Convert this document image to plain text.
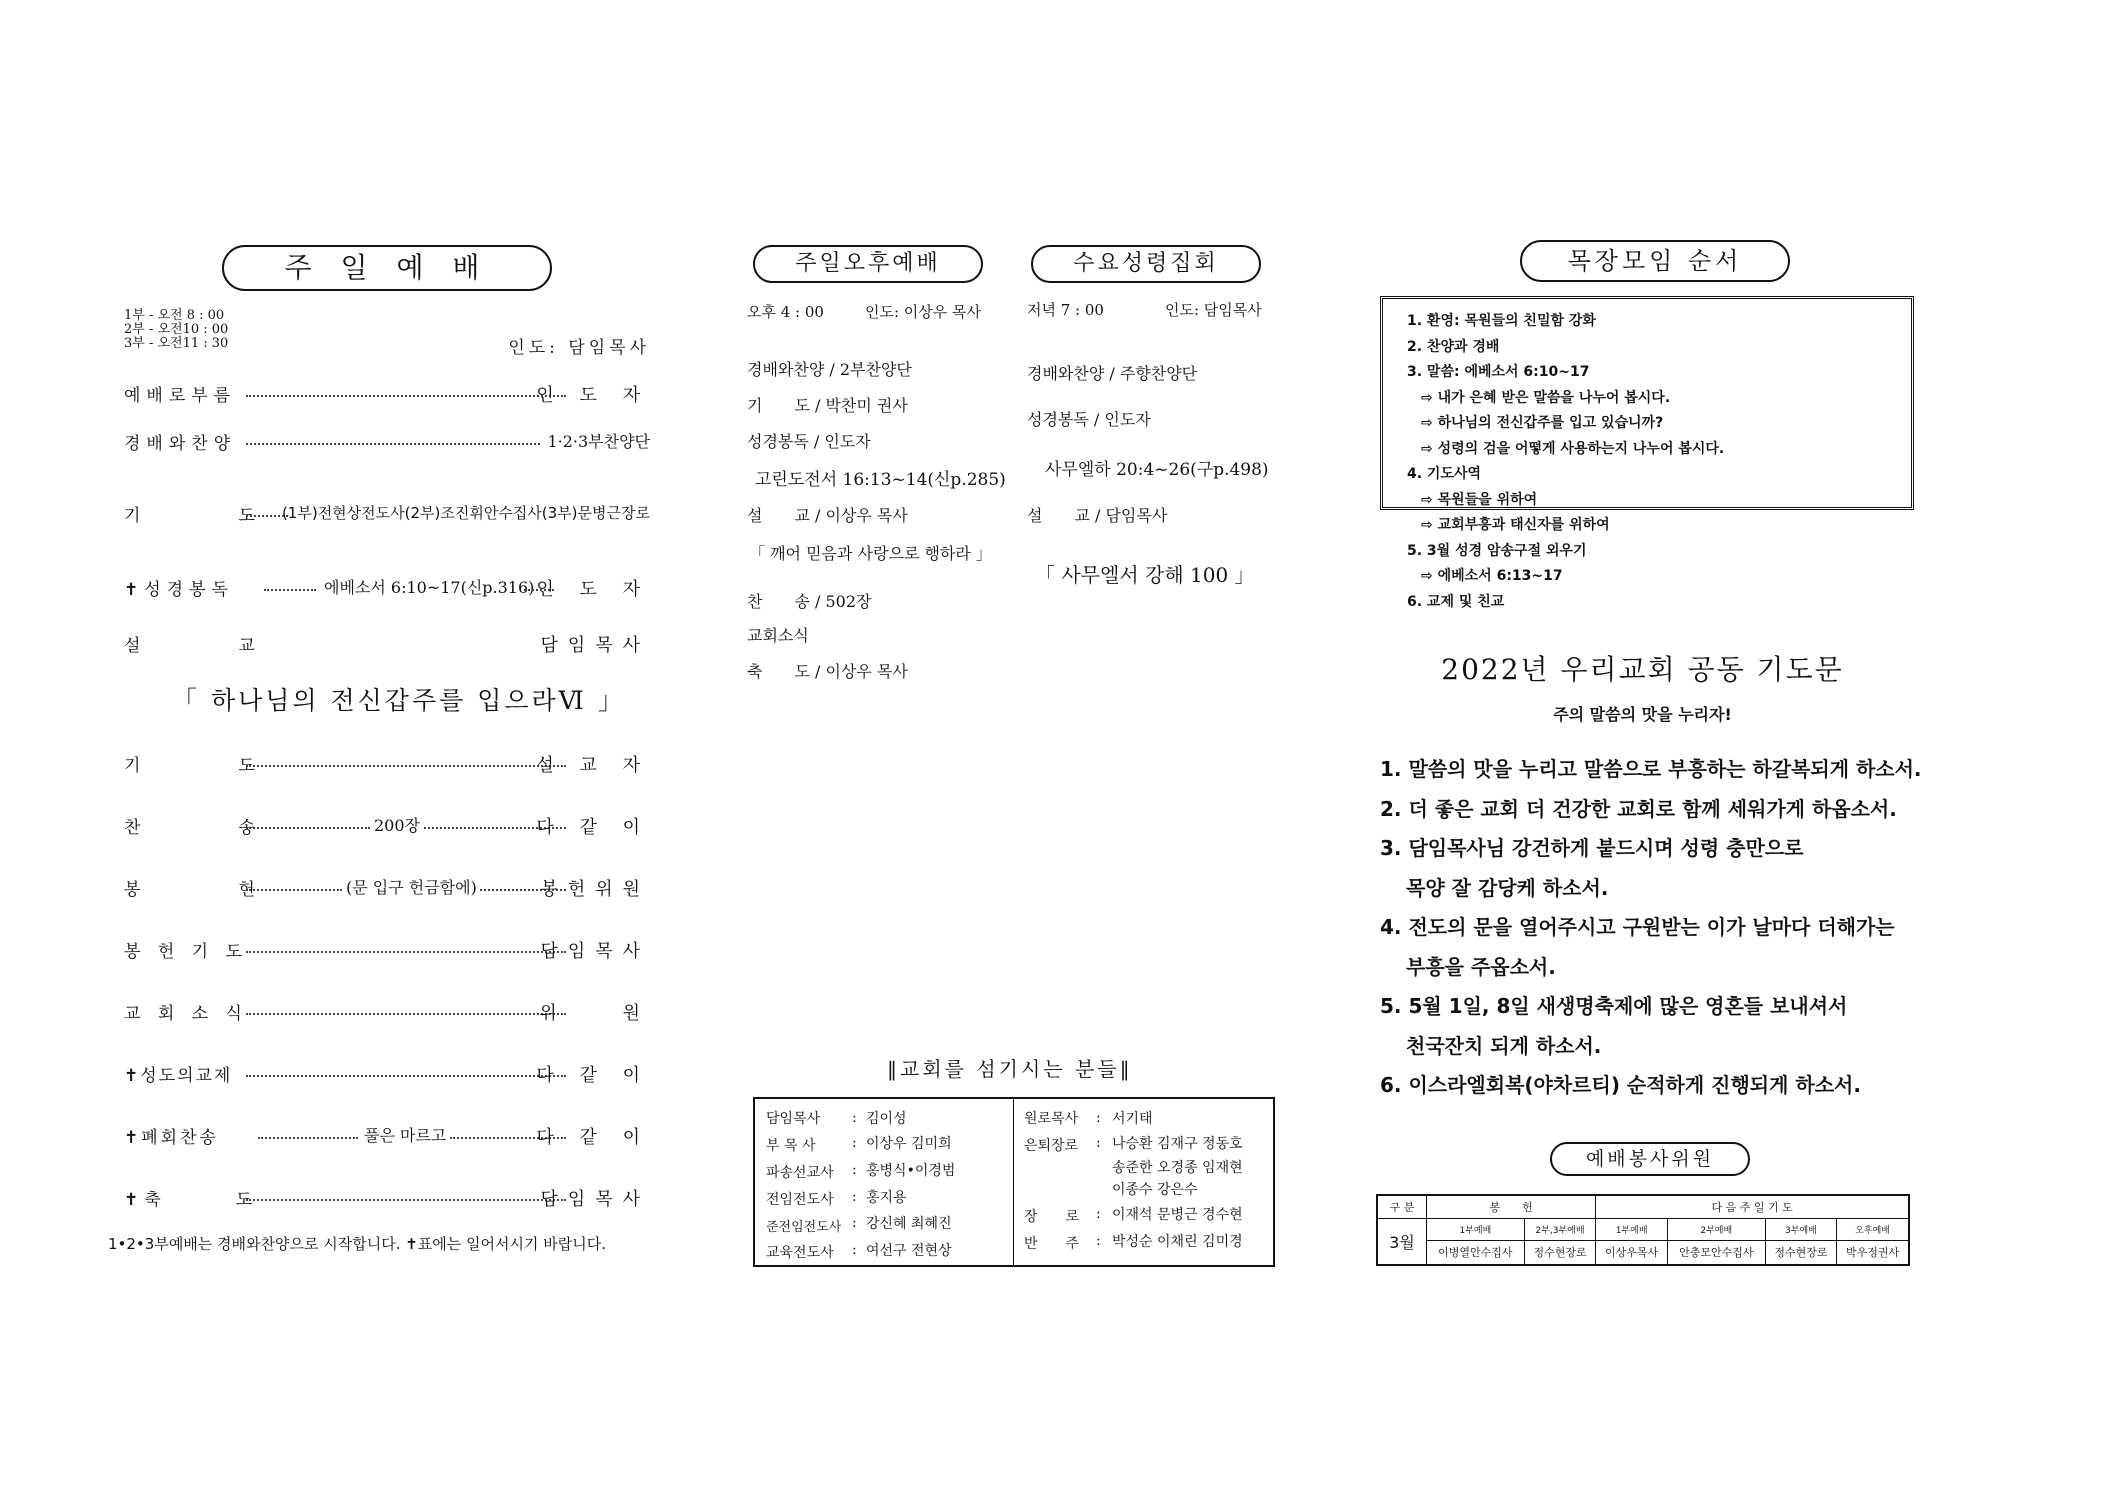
주 일 예 배
1부 - 오전 8 : 00
2부 - 오전10 : 00
3부 - 오전11 : 30	인도: 담임목사
예배로부름	인 도 자
경배와찬양	1·2·3부찬양단
기　　　　도 (1부)전현상전도사(2부)조진휘안수집사(3부)문병근장로
✝성경봉독	에베소서 6:10~17(신p.316) 인 도 자
설　　　　교	담임목사
「 하나님의 전신갑주를 입으라Ⅵ 」
기　　　　도	설 교 자
찬　　　　송	200장	다 같 이
봉　　　　헌	(문 입구 헌금함에)	봉헌위원
봉 헌 기 도	담임목사
교 회 소 식	위　　원
✝성도의교제	다 같 이
✝폐회찬송	풀은 마르고	다 같 이
✝축　　　도	담임목사
1•2•3부예배는 경배와찬양으로 시작합니다. ✝표에는 일어서시기 바랍니다.
주일오후예배
오후 4 : 00	인도: 이상우 목사
경배와찬양 / 2부찬양단
기　　도 / 박찬미 권사
성경봉독 / 인도자
고린도전서 16:13~14(신p.285)
설　　교 / 이상우 목사
「 깨어 믿음과 사랑으로 행하라 」
찬　　송 / 502장
교회소식
축　　도 / 이상우 목사
수요성령집회
저녁 7 : 00	인도: 담임목사
경배와찬양 / 주향찬양단
성경봉독 / 인도자
사무엘하 20:4~26(구p.498)
설　　교 / 담임목사
「 사무엘서 강해 100 」
‖교회를 섬기시는 분들‖
담임목사	:	김이성
부 목 사	:	이상우 김미희
파송선교사	:	홍병식•이경범
전임전도사	:	홍지용
준전임전도사	:	강신혜 최혜진
교육전도사	:	여선구 전현상
원로목사	:	서기태
은퇴장로	:	나승환 김재구 정동호
		송준한 오경종 임재현
		이종수 강은수
장　　로	:	이재석 문병근 경수현
반　　주	:	박성순 이채린 김미경
목장모임 순서
1. 환영: 목원들의 친밀함 강화
2. 찬양과 경배
3. 말씀: 에베소서 6:10~17
⇨ 내가 은혜 받은 말씀을 나누어 봅시다.
⇨ 하나님의 전신갑주를 입고 있습니까?
⇨ 성령의 검을 어떻게 사용하는지 나누어 봅시다.
4. 기도사역
⇨ 목원들을 위하여
⇨ 교회부흥과 태신자를 위하여
5. 3월 성경 암송구절 외우기
⇨ 에베소서 6:13~17
6. 교제 및 친교
2022년 우리교회 공동 기도문
주의 말씀의 맛을 누리자!
1. 말씀의 맛을 누리고 말씀으로 부흥하는 하갈복되게 하소서.
2. 더 좋은 교회 더 건강한 교회로 함께 세워가게 하옵소서.
3. 담임목사님 강건하게 붙드시며 성령 충만으로
목양 잘 감당케 하소서.
4. 전도의 문을 열어주시고 구원받는 이가 날마다 더해가는
부흥을 주옵소서.
5. 5월 1일, 8일 새생명축제에 많은 영혼들 보내셔서
천국잔치 되게 하소서.
6. 이스라엘회복(야차르티) 순적하게 진행되게 하소서.
예배봉사위원
구 분	봉　　헌		다 음 주 일 기 도			
3월	1부예배	2부,3부예배	1부예배	2부예배	3부예배	오후예배
	이병열안수집사	정수현장로	이상우목사	안충모안수집사	정수현장로	박우정권사
